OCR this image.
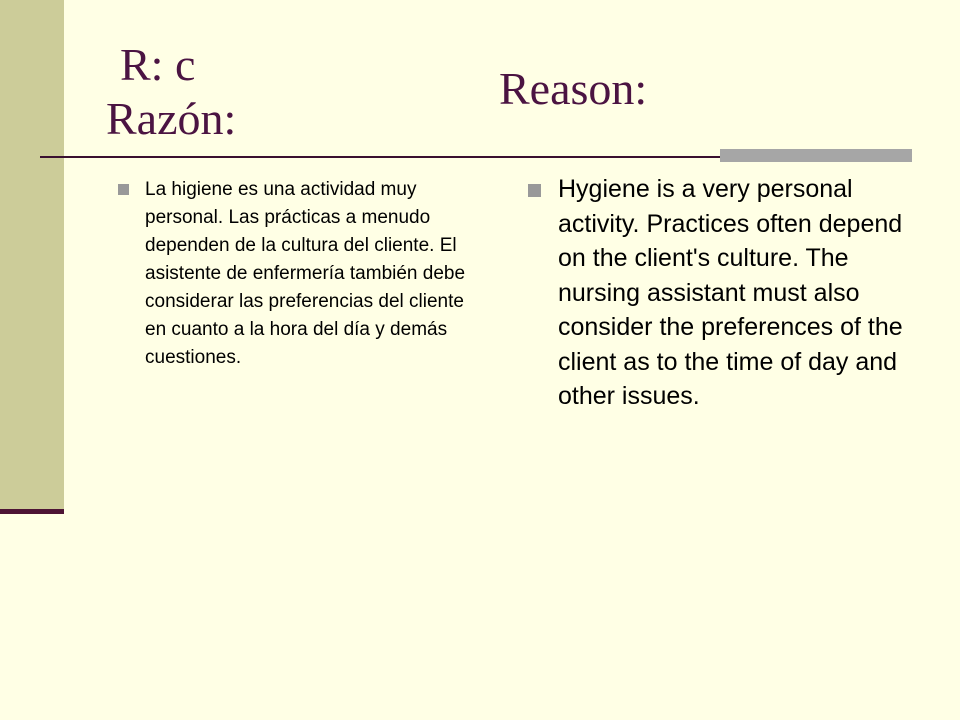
R: c
Razón:
Reason:
La higiene es una actividad muy personal. Las prácticas a menudo dependen de la cultura del cliente. El asistente de enfermería también debe considerar las preferencias del cliente en cuanto a la hora del día y demás cuestiones.
Hygiene is a very personal activity. Practices often depend on the client's culture. The nursing assistant must also consider the preferences of the client as to the time of day and other issues.
